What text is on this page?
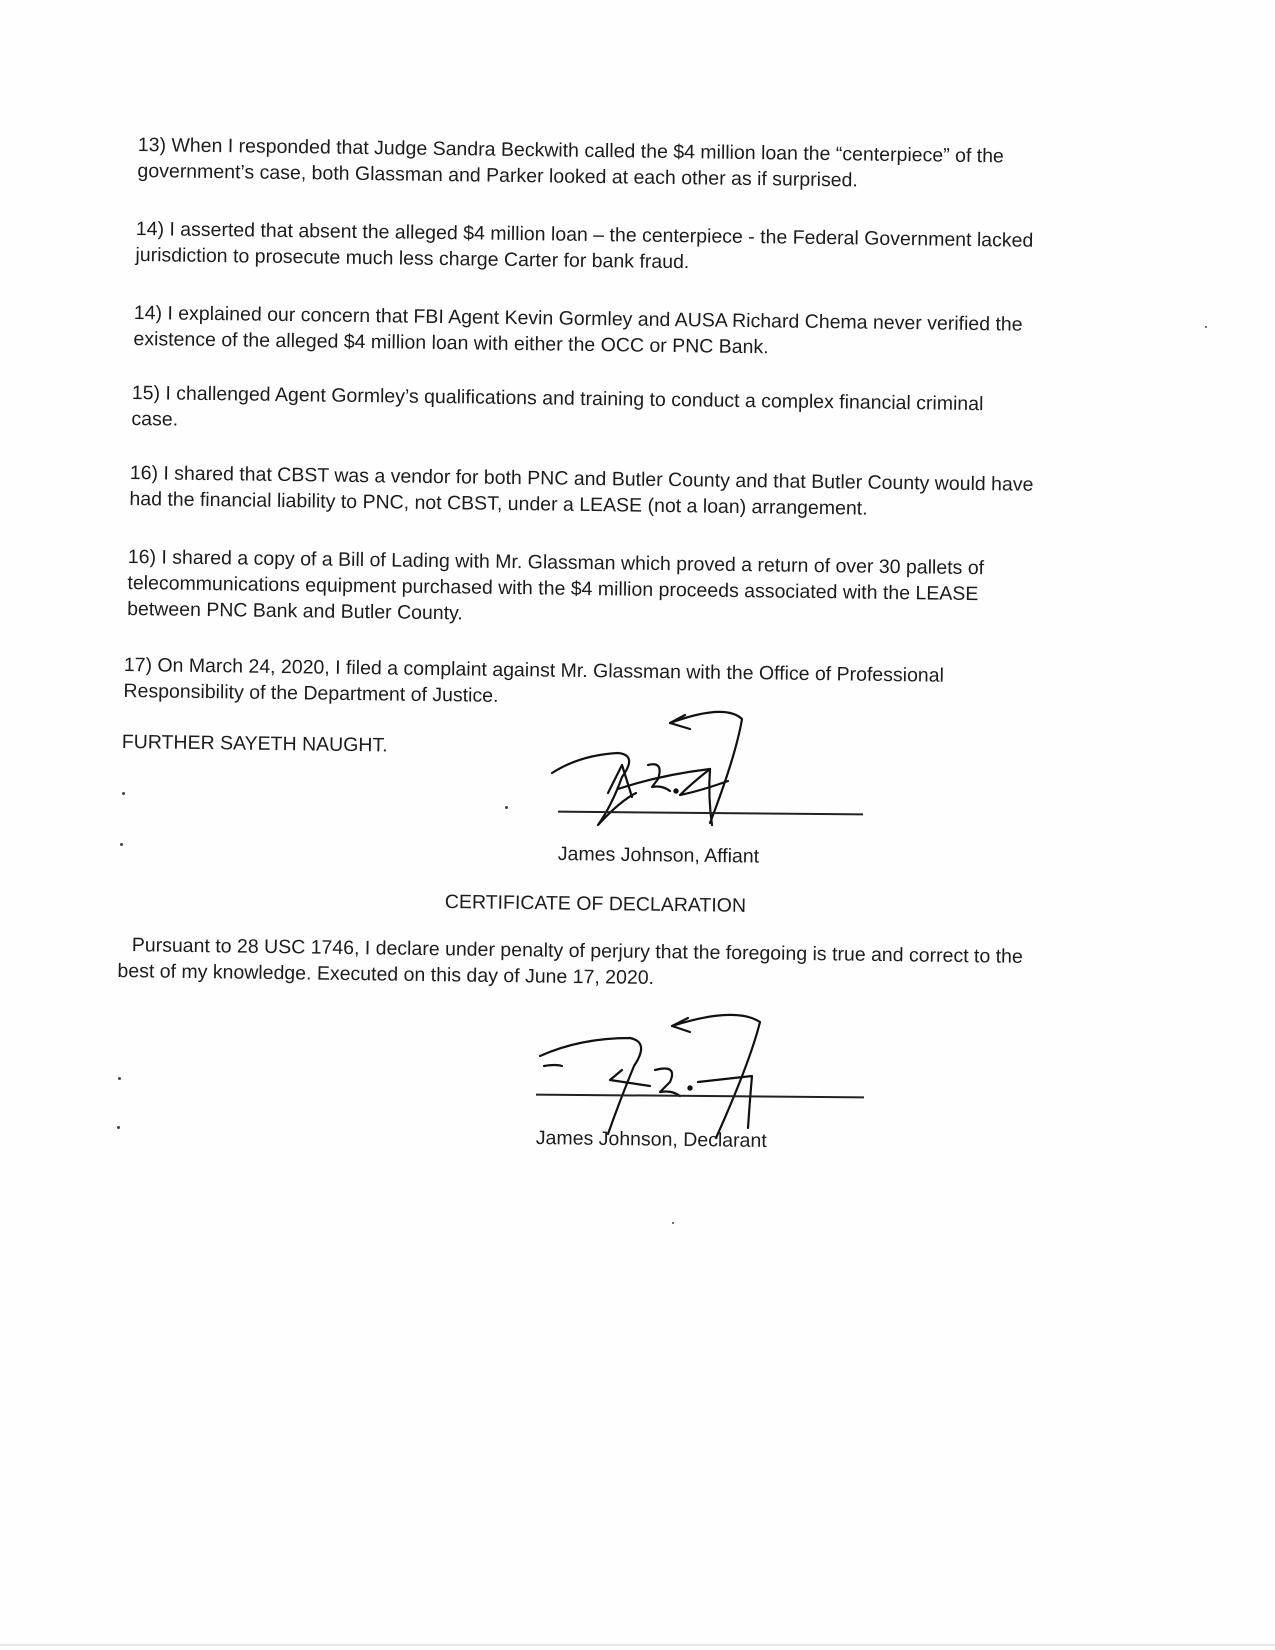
13) When I responded that Judge Sandra Beckwith called the $4 million loan the “centerpiece” of the government’s case, both Glassman and Parker looked at each other as if surprised.

14) I asserted that absent the alleged $4 million loan – the centerpiece - the Federal Government lacked jurisdiction to prosecute much less charge Carter for bank fraud.

14) I explained our concern that FBI Agent Kevin Gormley and AUSA Richard Chema never verified the existence of the alleged $4 million loan with either the OCC or PNC Bank.

15) I challenged Agent Gormley’s qualifications and training to conduct a complex financial criminal case.

16) I shared that CBST was a vendor for both PNC and Butler County and that Butler County would have had the financial liability to PNC, not CBST, under a LEASE (not a loan) arrangement.

16) I shared a copy of a Bill of Lading with Mr. Glassman which proved a return of over 30 pallets of telecommunications equipment purchased with the $4 million proceeds associated with the LEASE between PNC Bank and Butler County.

17) On March 24, 2020, I filed a complaint against Mr. Glassman with the Office of Professional Responsibility of the Department of Justice.

FURTHER SAYETH NAUGHT.
James Johnson, Affiant
CERTIFICATE OF DECLARATION

Pursuant to 28 USC 1746, I declare under penalty of perjury that the foregoing is true and correct to the best of my knowledge. Executed on this day of June 17, 2020.

James Johnson, Declarant
